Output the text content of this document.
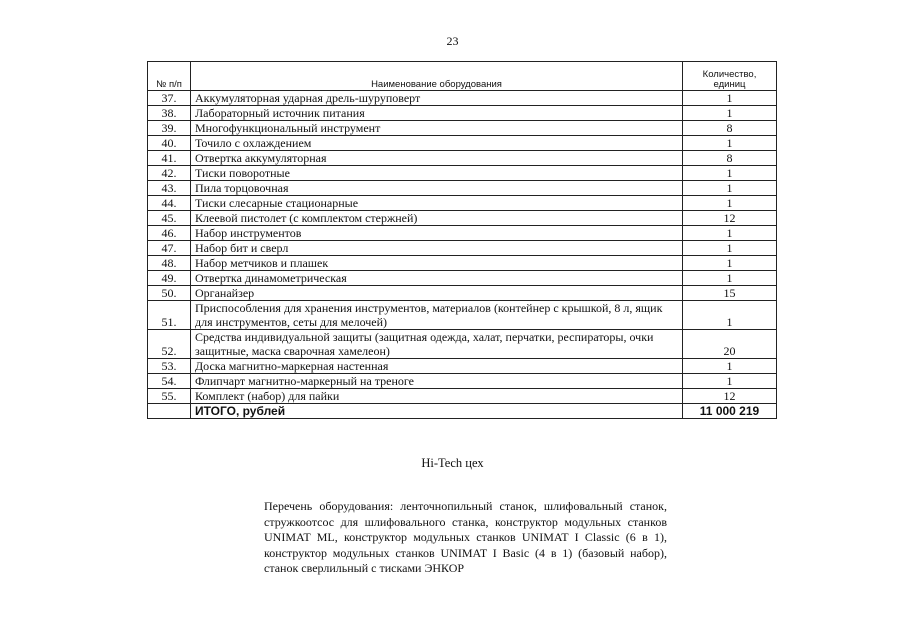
23
№ п/п	Наименование оборудования	Количество, единиц
37.	Аккумуляторная ударная дрель-шуруповерт	1
38.	Лабораторный источник питания	1
39.	Многофункциональный инструмент	8
40.	Точило с охлаждением	1
41.	Отвертка аккумуляторная	8
42.	Тиски поворотные	1
43.	Пила торцовочная	1
44.	Тиски слесарные стационарные	1
45.	Клеевой пистолет (с комплектом стержней)	12
46.	Набор инструментов	1
47.	Набор бит и сверл	1
48.	Набор метчиков и плашек	1
49.	Отвертка динамометрическая	1
50.	Органайзер	15
51.	Приспособления для хранения инструментов, материалов (контейнер с крышкой, 8 л, ящик для инструментов, сеты для мелочей)	1
52.	Средства индивидуальной защиты (защитная одежда, халат, перчатки, респираторы, очки защитные, маска сварочная хамелеон)	20
53.	Доска магнитно-маркерная настенная	1
54.	Флипчарт магнитно-маркерный на треноге	1
55.	Комплект (набор) для пайки	12
	ИТОГО, рублей	11 000 219
Hi-Tech цех
Перечень оборудования: ленточнопильный станок, шлифовальный станок, стружкоотсос для шлифовального станка, конструктор модульных станков UNIMAT ML, конструктор модульных станков UNIMAT I Classic (6 в 1), конструктор модульных станков UNIMAT I Basic (4 в 1) (базовый набор), станок сверлильный с тисками ЭНКОР
